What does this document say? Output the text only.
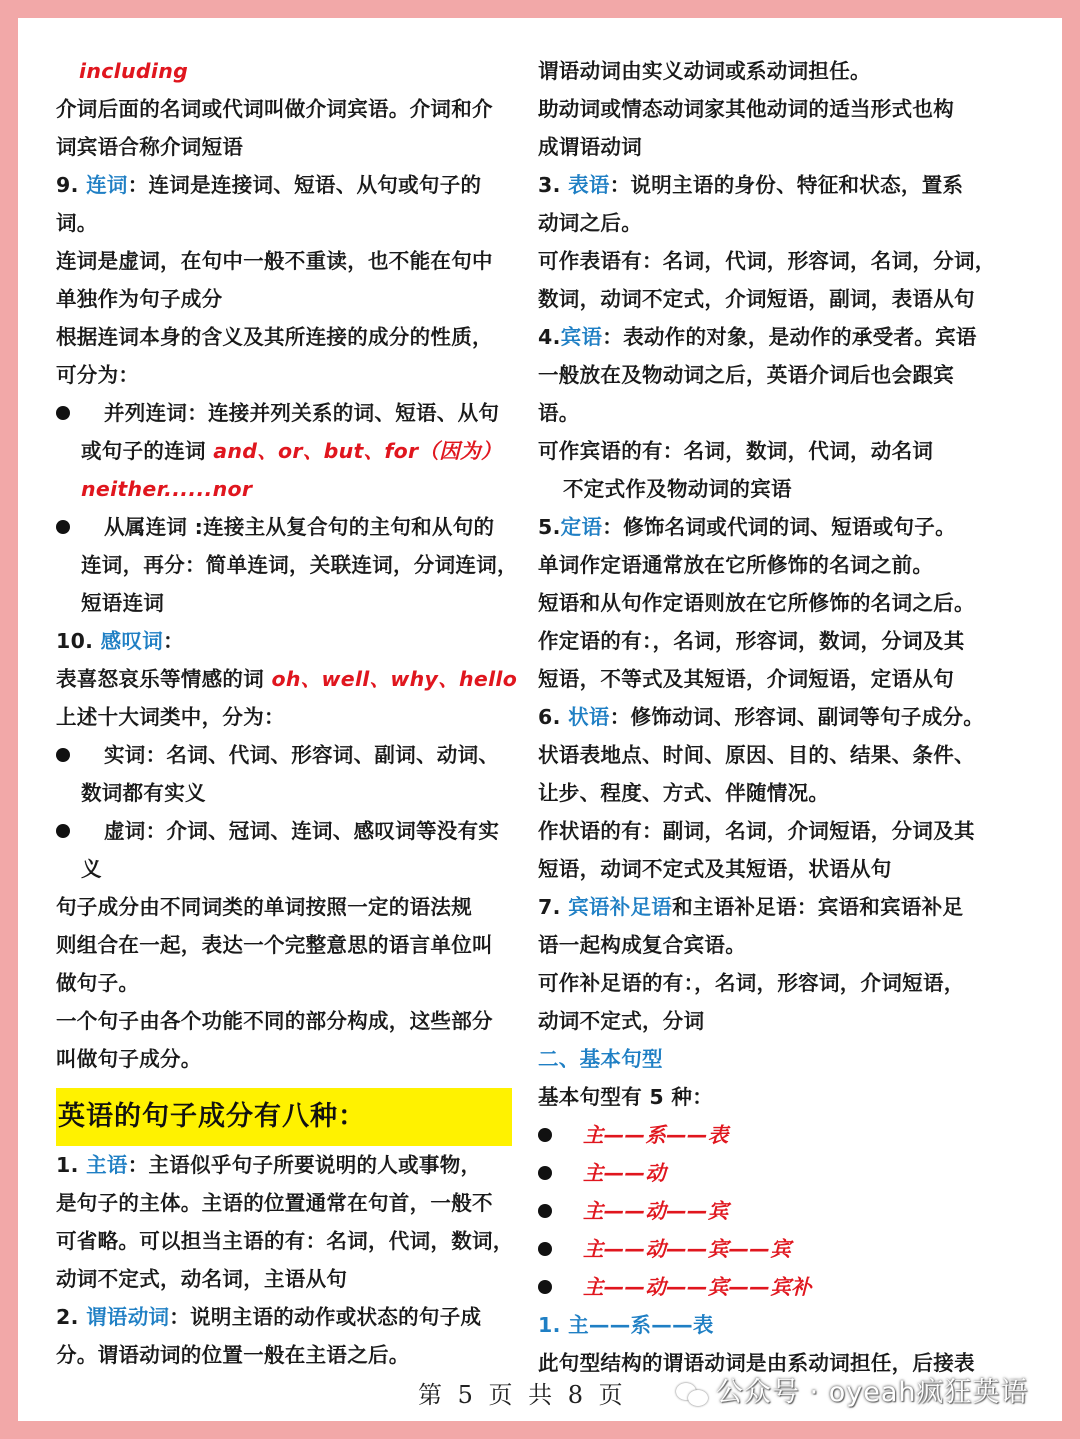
including
介词后面的名词或代词叫做介词宾语。介词和介
词宾语合称介词短语
9. 连词：连词是连接词、短语、从句或句子的
词。
连词是虚词，在句中一般不重读，也不能在句中
单独作为句子成分
根据连词本身的含义及其所连接的成分的性质，
可分为：
并列连词：连接并列关系的词、短语、从句
或句子的连词 and、or、but、for（因为）
neither......nor
从属连词 :连接主从复合句的主句和从句的
连词，再分：简单连词，关联连词，分词连词，
短语连词
10. 感叹词：
表喜怒哀乐等情感的词 oh、well、why、hello
上述十大词类中，分为：
实词：名词、代词、形容词、副词、动词、
数词都有实义
虚词：介词、冠词、连词、感叹词等没有实
义
句子成分由不同词类的单词按照一定的语法规
则组合在一起，表达一个完整意思的语言单位叫
做句子。
一个句子由各个功能不同的部分构成，这些部分
叫做句子成分。
英语的句子成分有八种：
1. 主语：主语似乎句子所要说明的人或事物，
是句子的主体。主语的位置通常在句首，一般不
可省略。可以担当主语的有：名词，代词，数词，
动词不定式，动名词，主语从句
2. 谓语动词：说明主语的动作或状态的句子成
分。谓语动词的位置一般在主语之后。
谓语动词由实义动词或系动词担任。
助动词或情态动词家其他动词的适当形式也构
成谓语动词
3. 表语：说明主语的身份、特征和状态，置系
动词之后。
可作表语有：名词，代词，形容词，名词，分词，
数词，动词不定式，介词短语，副词，表语从句
4.宾语：表动作的对象，是动作的承受者。宾语
一般放在及物动词之后，英语介词后也会跟宾
语。
可作宾语的有：名词，数词，代词，动名词
不定式作及物动词的宾语
5.定语：修饰名词或代词的词、短语或句子。
单词作定语通常放在它所修饰的名词之前。
短语和从句作定语则放在它所修饰的名词之后。
作定语的有：，名词，形容词，数词，分词及其
短语，不等式及其短语，介词短语，定语从句
6. 状语：修饰动词、形容词、副词等句子成分。
状语表地点、时间、原因、目的、结果、条件、
让步、程度、方式、伴随情况。
作状语的有：副词，名词，介词短语，分词及其
短语，动词不定式及其短语，状语从句
7. 宾语补足语和主语补足语：宾语和宾语补足
语一起构成复合宾语。
可作补足语的有：，名词，形容词，介词短语，
动词不定式，分词
二、基本句型
基本句型有 5 种：
主——系——表
主——动
主——动——宾
主——动——宾——宾
主——动——宾——宾补
1. 主——系——表
此句型结构的谓语动词是由系动词担任，后接表
第 5 页 共 8 页	公众号 · oyeah疯狂英语
